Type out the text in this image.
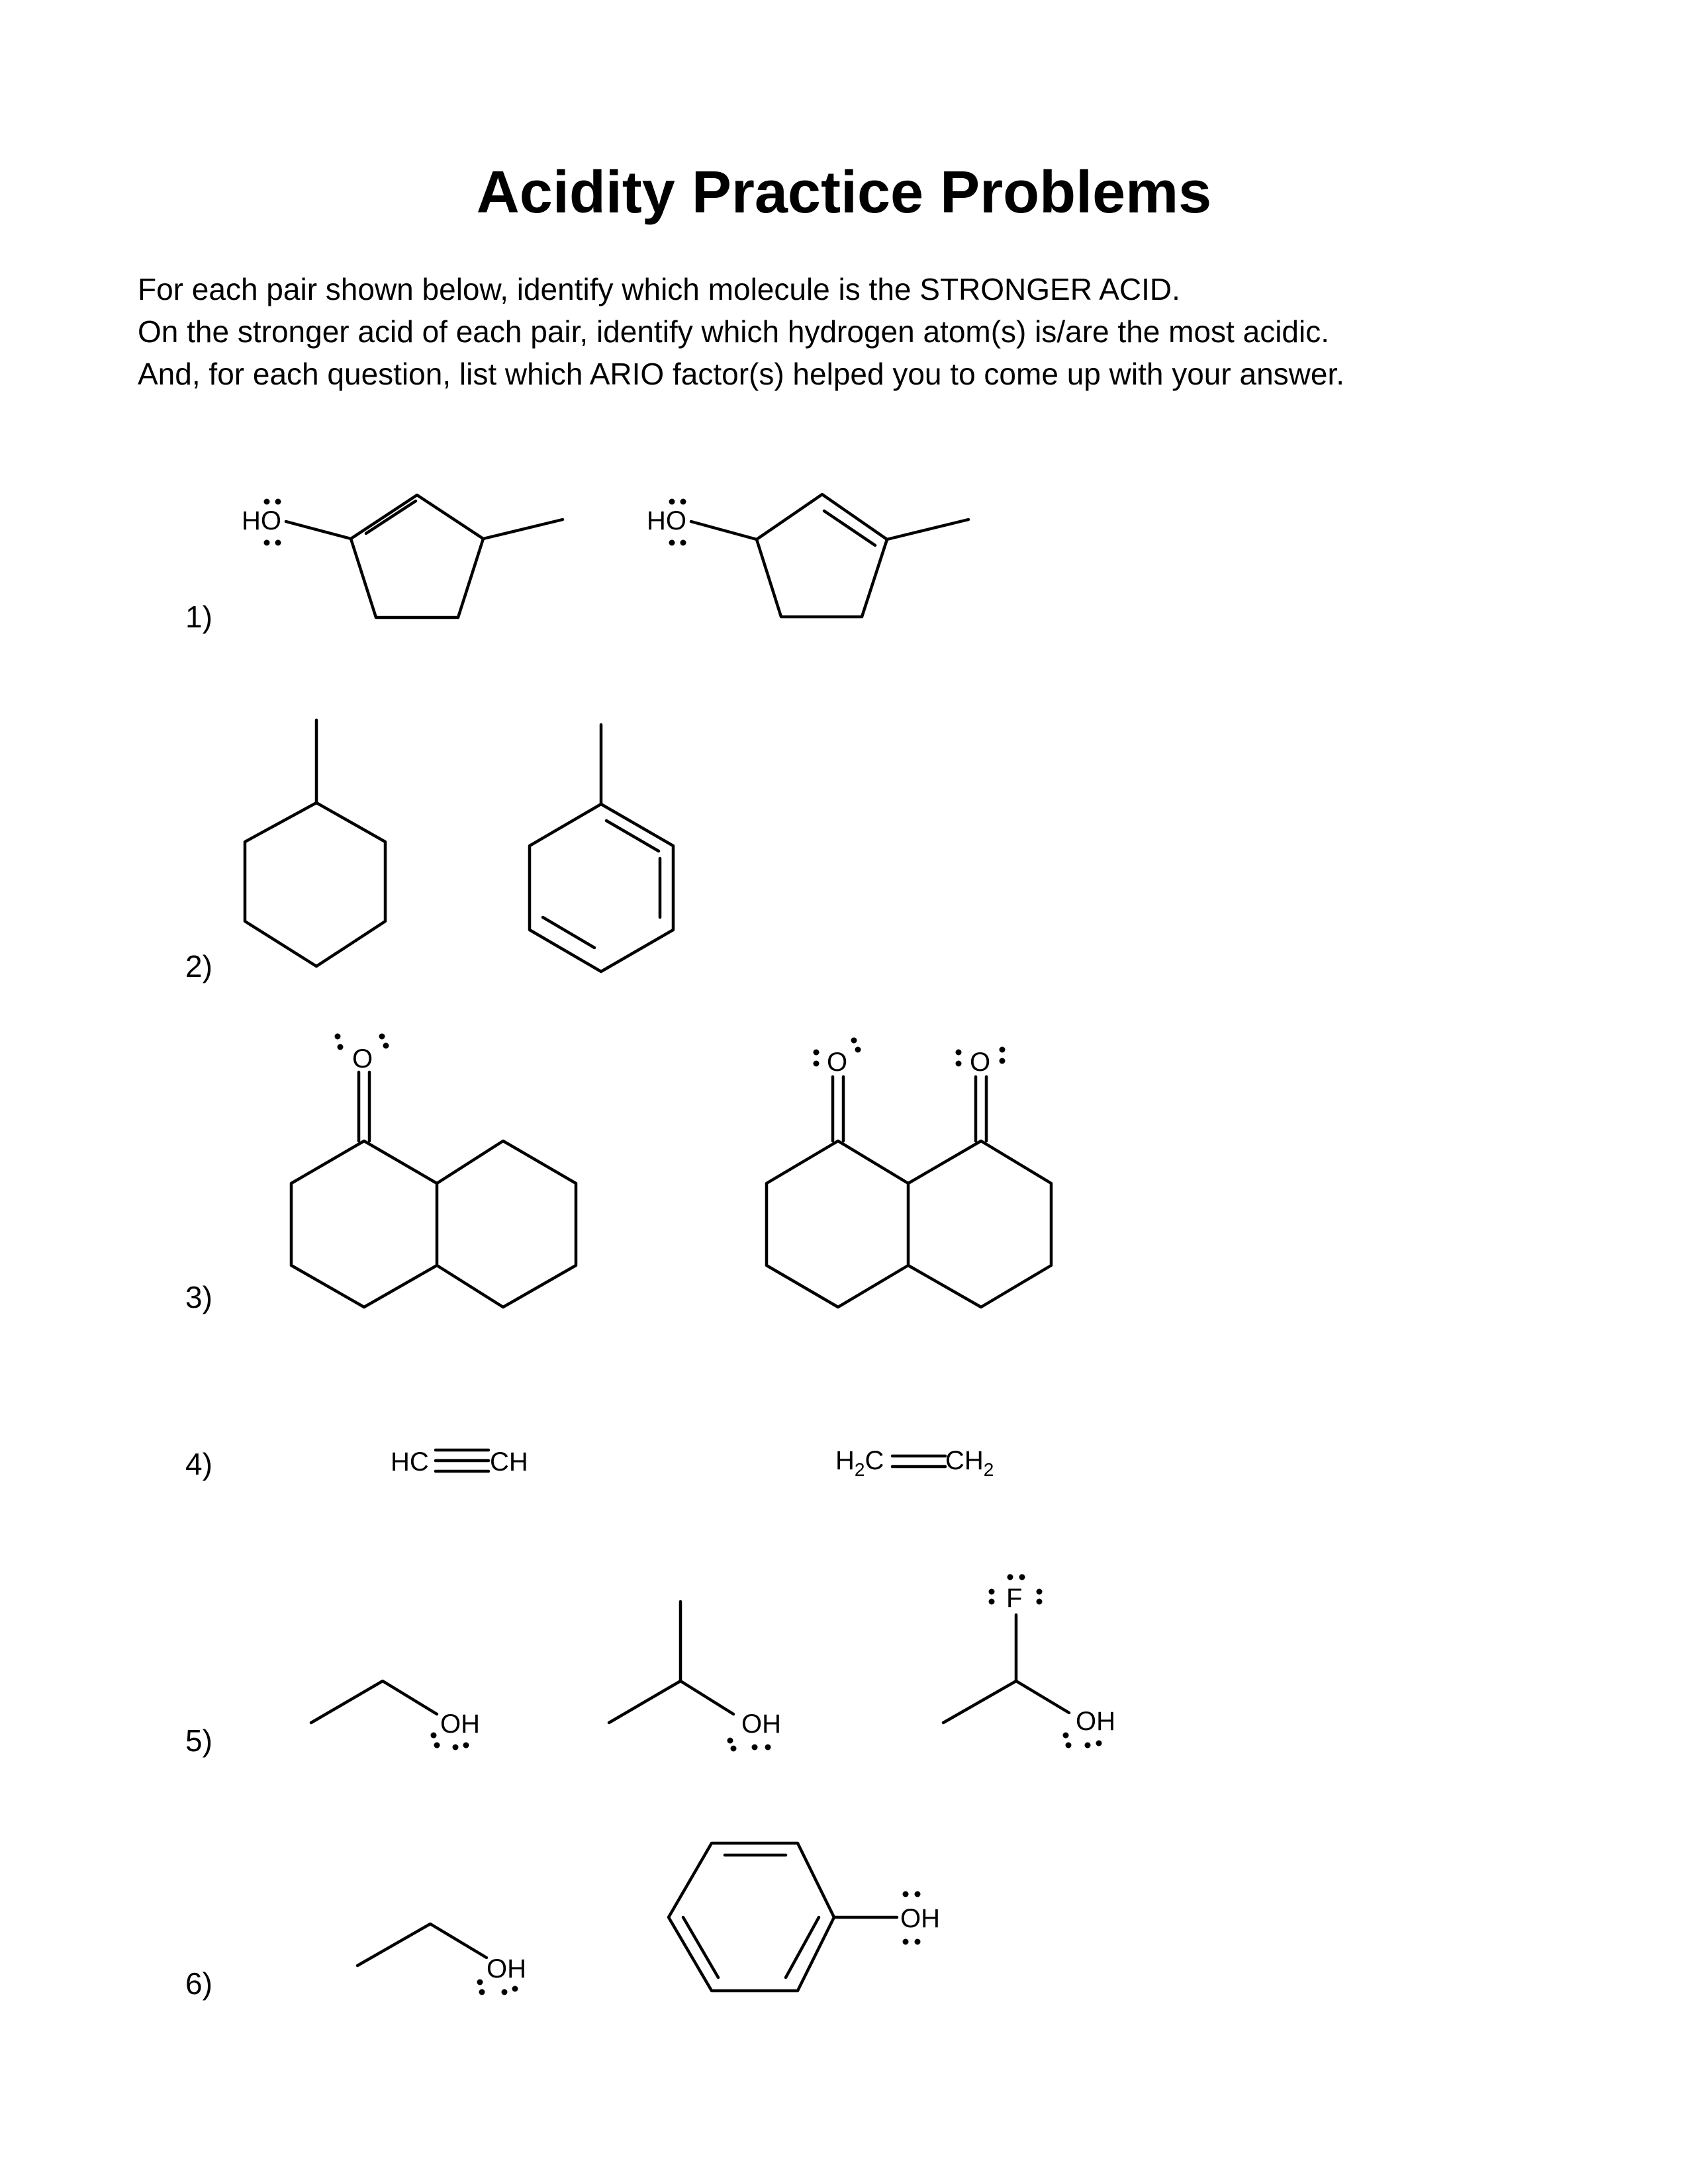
Acidity Practice Problems
For each pair shown below, identify which molecule is the STRONGER ACID.
On the stronger acid of each pair, identify which hydrogen atom(s) is/are the most acidic.
And, for each question, list which ARIO factor(s) helped you to come up with your answer.
1)
2)
3)
4)
5)
6)
HO	HO
O	O	O
HC CH	$H_2C$ $CH_2$
OH	OH
F
OH
OH
OH
